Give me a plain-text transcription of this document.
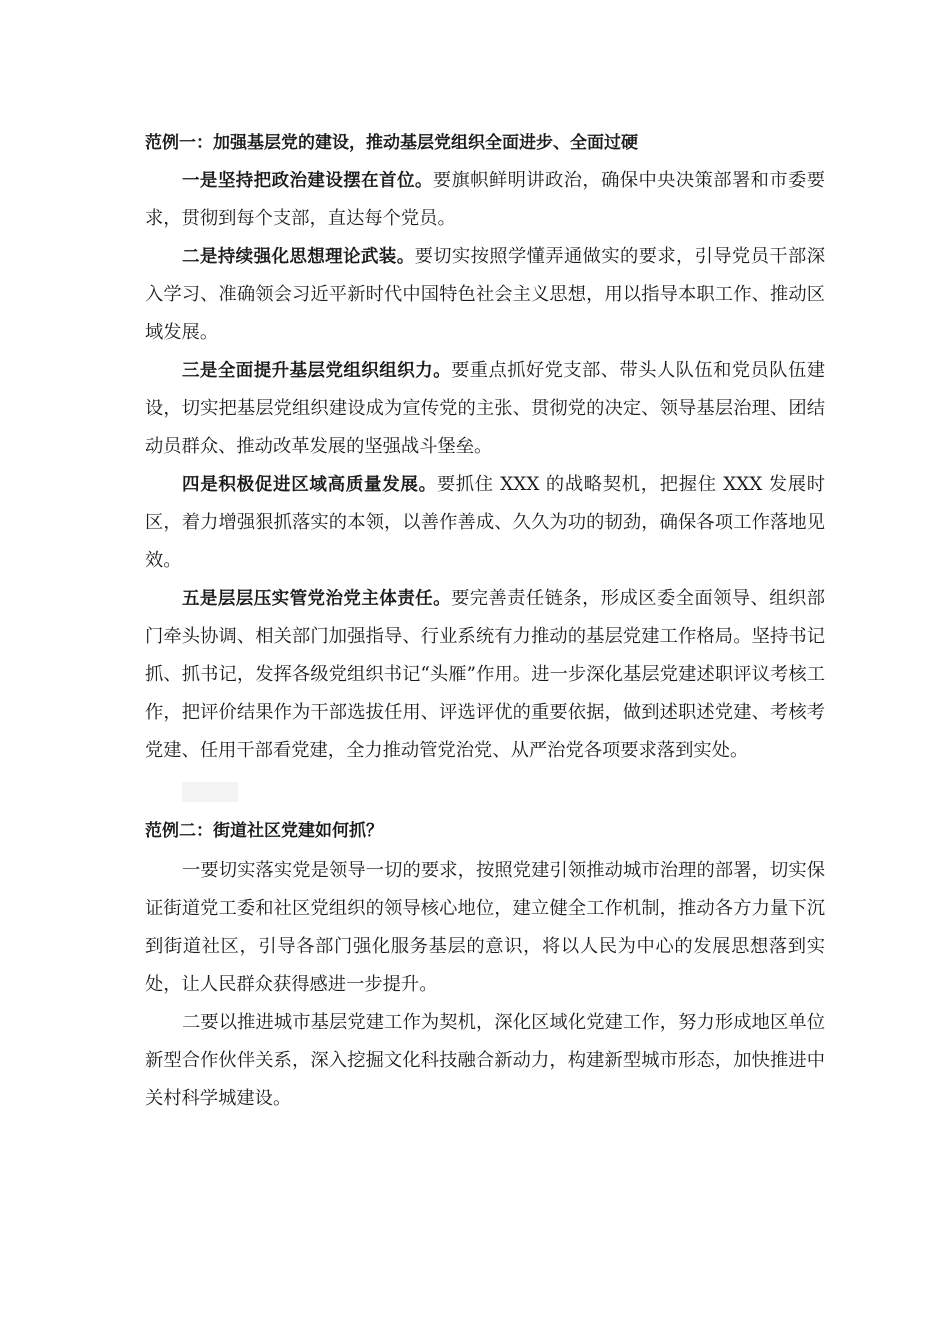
范例一：加强基层党的建设，推动基层党组织全面进步、全面过硬

一是坚持把政治建设摆在首位。要旗帜鲜明讲政治，确保中央决策部署和市委要求，贯彻到每个支部，直达每个党员。

二是持续强化思想理论武装。要切实按照学懂弄通做实的要求，引导党员干部深入学习、准确领会习近平新时代中国特色社会主义思想，用以指导本职工作、推动区域发展。

三是全面提升基层党组织组织力。要重点抓好党支部、带头人队伍和党员队伍建设，切实把基层党组织建设成为宣传党的主张、贯彻党的决定、领导基层治理、团结动员群众、推动改革发展的坚强战斗堡垒。

四是积极促进区域高质量发展。要抓住 XXX 的战略契机，把握住 XXX 发展时区，着力增强狠抓落实的本领，以善作善成、久久为功的韧劲，确保各项工作落地见效。

五是层层压实管党治党主体责任。要完善责任链条，形成区委全面领导、组织部门牵头协调、相关部门加强指导、行业系统有力推动的基层党建工作格局。坚持书记抓、抓书记，发挥各级党组织书记“头雁”作用。进一步深化基层党建述职评议考核工作，把评价结果作为干部选拔任用、评选评优的重要依据，做到述职述党建、考核考党建、任用干部看党建，全力推动管党治党、从严治党各项要求落到实处。

范例二：街道社区党建如何抓？

一要切实落实党是领导一切的要求，按照党建引领推动城市治理的部署，切实保证街道党工委和社区党组织的领导核心地位，建立健全工作机制，推动各方力量下沉到街道社区，引导各部门强化服务基层的意识，将以人民为中心的发展思想落到实处，让人民群众获得感进一步提升。

二要以推进城市基层党建工作为契机，深化区域化党建工作，努力形成地区单位新型合作伙伴关系，深入挖掘文化科技融合新动力，构建新型城市形态，加快推进中关村科学城建设。
